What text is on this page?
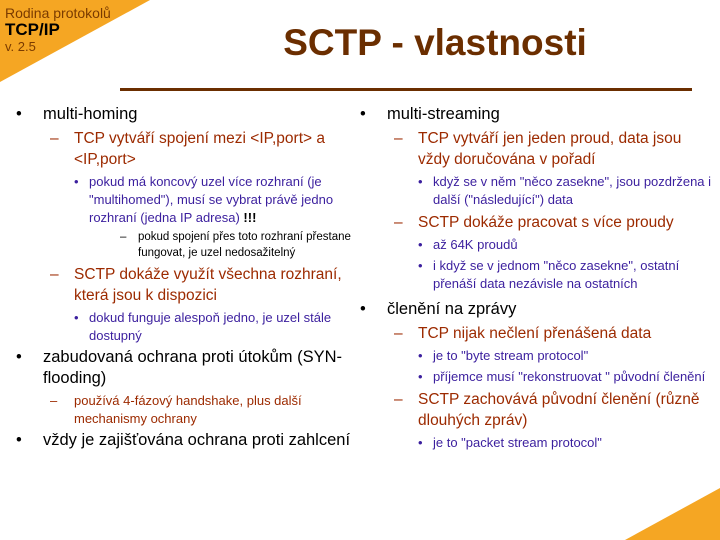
Rodina protokolů
TCP/IP
v. 2.5	SCTP - vlastnosti
• multi-homing
– TCP vytváří spojení mezi <IP,port> a <IP,port>
• pokud má koncový uzel více rozhraní (je "multihomed"), musí se vybrat právě jedno rozhraní (jedna IP adresa) !!!
– pokud spojení přes toto rozhraní přestane fungovat, je uzel nedosažitelný
– SCTP dokáže využít všechna rozhraní, která jsou k dispozici
• dokud funguje alespoň jedno, je uzel stále dostupný
• zabudovaná ochrana proti útokům (SYN-flooding)
– používá 4-fázový handshake, plus další mechanismy ochrany
• vždy je zajišťována ochrana proti zahlcení
• multi-streaming
– TCP vytváří jen jeden proud, data jsou vždy doručována v pořadí
• když se v něm "něco zasekne", jsou pozdržena i další ("následující") data
– SCTP dokáže pracovat s více proudy
• až 64K proudů
• i když se v jednom "něco zasekne", ostatní přenáší data nezávisle na ostatních
• členění na zprávy
– TCP nijak nečlení přenášená data
• je to "byte stream protocol"
• příjemce musí "rekonstruovat " původní členění
– SCTP zachovává původní členění (různě dlouhých zpráv)
• je to "packet stream protocol"
